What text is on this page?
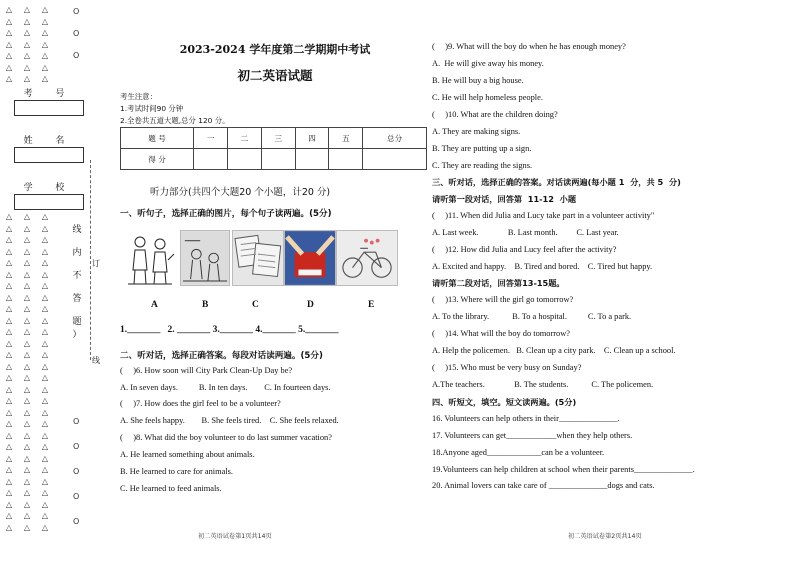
△
△
△
△
△
△
△
△
△
△
△
△
△
△
△
△
△
△
△
△
△
△
△
△
△
△
△
△
△
△
△
△
△
△
△
△
△
△
△
△
△
△
△
△
△
△
△
△
△
△
△
△
△
△
△
△
△
△
△
△
△
△
△
△
△
△
△
△
△
△
△
△
△
△
△
△
△
△
△
△
△
△
△
△
△
△
△
△
△
△
△
△
△
△
△
△
△
△
△
△
△
△
△
△
△
O
O
O
O
O
O
O
O
考 号
姓 名
学 校
线

内

不

答

题
）
订
线
2023-2024 学年度第二学期期中考试
初二英语试题
考生注意：
1.考试时间90 分钟
2.全卷共五道大题,总分 120 分。
题 号	一	二	三	四	五	总分
得 分						
听力部分(共四个大题20 个小题，计20 分)
一、听句子，选择正确的图片，每个句子读两遍。(5分)
A	B	C	D	E
1._______   2. _______ 3._______ 4._______ 5._______
二、听对话，选择正确答案。每段对话读两遍。(5分)
(     )6. How soon will City Park Clean-Up Day be?
A. In seven days.          B. In ten days.        C. In fourteen days.
(     )7. How does the girl feel to be a volunteer?
A. She feels happy.        B. She feels tired.    C. She feels relaxed.
(     )8. What did the boy volunteer to do last summer vacation?
A. He learned something about animals.
B. He learned to care for animals.
C. He learned to feed animals.
初二英语试卷第1页共14页
(     )9. What will the boy do when he has enough money?
A.  He will give away his money.
B. He will buy a big house.
C. He will help homeless people.
(     )10. What are the children doing?
A. They are making signs.
B. They are putting up a sign.
C. They are reading the signs.
三、听对话，选择正确的答案。对话读两遍(每小题 1  分，共 5  分)
请听第一段对话，回答第  11-12  小题
(     )11. When did Julia and Lucy take part in a volunteer activity"
A. Last week.              B. Last month.         C. Last year.
(     )12. How did Julia and Lucy feel after the activity?
A. Excited and happy.    B. Tired and bored.    C. Tired but happy.
请听第二段对话，回答第13-15题。
(     )13. Where will the girl go tomorrow?
A. To the library.           B. To a hospital.          C. To a park.
(     )14. What will the boy do tomorrow?
A. Help the policemen.   B. Clean up a city park.    C. Clean up a school.
(     )15. Who must be very busy on Sunday?
A.The teachers.              B. The students.           C. The policemen.
四、听短文，填空。短文读两遍。(5分)
16. Volunteers can help others in their______________.
17. Volunteers can get____________when they help others.
18.Anyone aged_____________can be a volunteer.
19.Volunteers can help children at school when their parents______________.
20. Animal lovers can take care of ______________dogs and cats.
初二英语试卷第2页共14页
